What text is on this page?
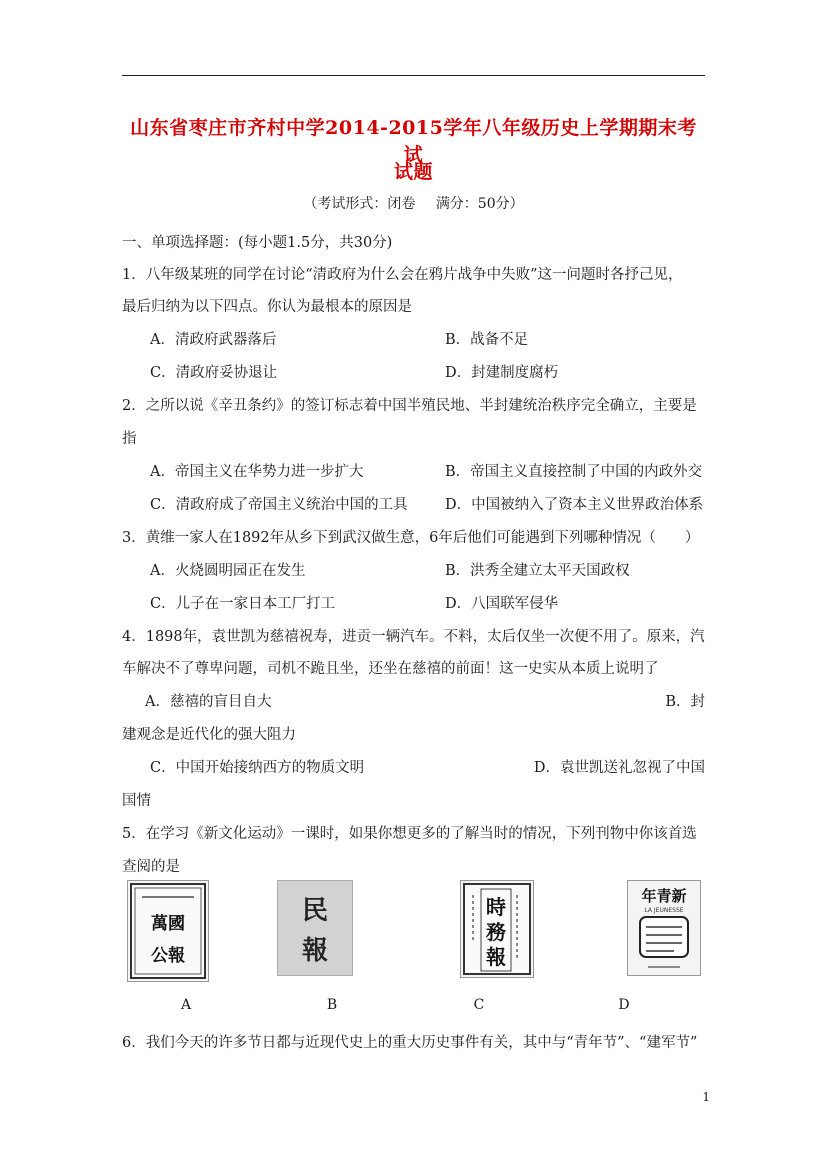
山东省枣庄市齐村中学2014-2015学年八年级历史上学期期末考试
试题
（考试形式：闭卷 满分：50分）
一、单项选择题：(每小题1.5分，共30分)
1．八年级某班的同学在讨论“清政府为什么会在鸦片战争中失败”这一问题时各抒己见，
最后归纳为以下四点。你认为最根本的原因是
A．清政府武器落后	B．战备不足
C．清政府妥协退让	D．封建制度腐朽
2．之所以说《辛丑条约》的签订标志着中国半殖民地、半封建统治秩序完全确立，主要是
指
A．帝国主义在华势力进一步扩大	B．帝国主义直接控制了中国的内政外交
C．清政府成了帝国主义统治中国的工具	D．中国被纳入了资本主义世界政治体系
3．黄维一家人在1892年从乡下到武汉做生意，6年后他们可能遇到下列哪种情况（　　）
A．火烧圆明园正在发生	B．洪秀全建立太平天国政权
C．儿子在一家日本工厂打工	D．八国联军侵华
4．1898年，袁世凯为慈禧祝寿，进贡一辆汽车。不料，太后仅坐一次便不用了。原来，汽
车解决不了尊卑问题，司机不跪且坐，还坐在慈禧的前面！这一史实从本质上说明了
A．慈禧的盲目自大	B．封
建观念是近代化的强大阻力
C．中国开始接纳西方的物质文明	D．袁世凯送礼忽视了中国
国情
5．在学习《新文化运动》一课时，如果你想更多的了解当时的情况，下列刊物中你该首选
查阅的是
萬國
公報
民
報
時
務
報
年青新
LA JEUNESSE
A	B	C	D
6．我们今天的许多节日都与近现代史上的重大历史事件有关，其中与“青年节”、“建军节”
1
